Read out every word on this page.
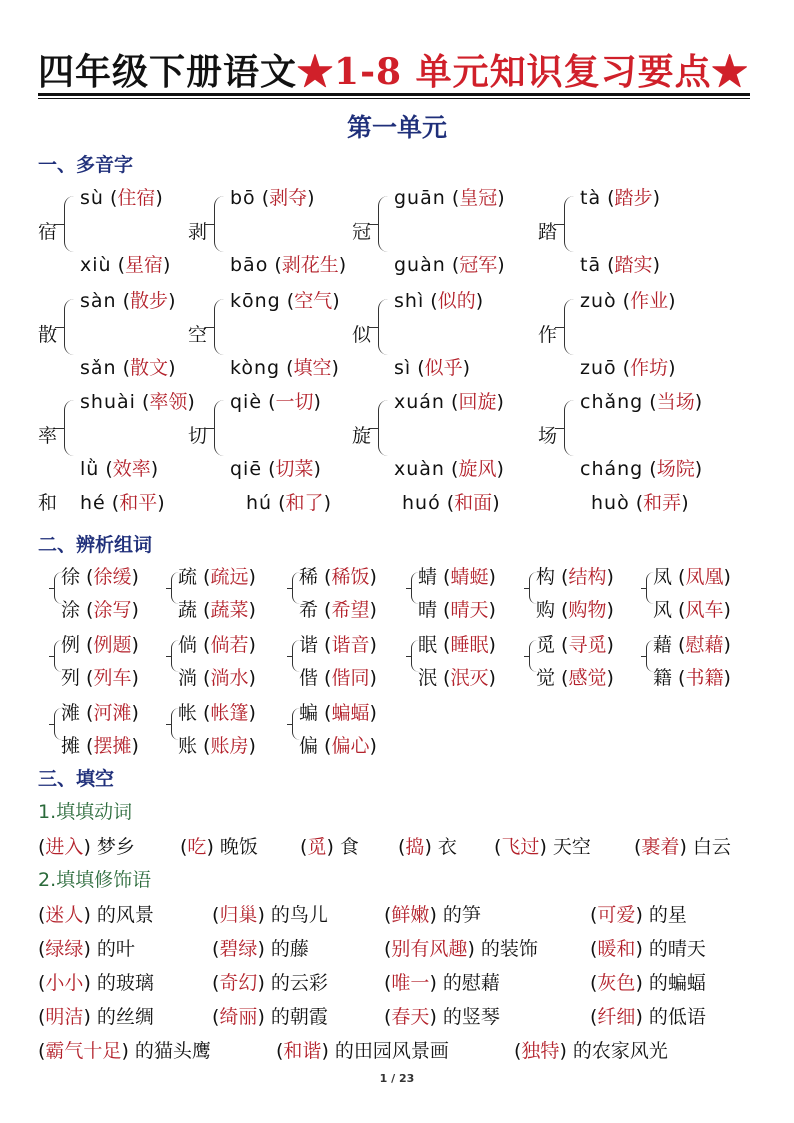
四年级下册语文★1-8 单元知识复习要点★
第一单元
一、多音字
宿
sù (住宿)
xiù (星宿)
剥
bō (剥夺)
bāo (剥花生)
冠
guān (皇冠)
guàn (冠军)
踏
tà (踏步)
tā (踏实)
散
sàn (散步)
sǎn (散文)
空
kōng (空气)
kòng (填空)
似
shì (似的)
sì (似乎)
作
zuò (作业)
zuō (作坊)
率
shuài (率领)
lǜ (效率)
切
qiè (一切)
qiē (切菜)
旋
xuán (回旋)
xuàn (旋风)
场
chǎng (当场)
cháng (场院)
和 hé (和平)	hú (和了)	huó (和面)	huò (和弄)
二、辨析组词
徐 (徐缓)
涂 (涂写)
疏 (疏远)
蔬 (蔬菜)
稀 (稀饭)
希 (希望)
蜻 (蜻蜓)
晴 (晴天)
构 (结构)
购 (购物)
凤 (凤凰)
风 (风车)
例 (例题)
列 (列车)
倘 (倘若)
淌 (淌水)
谐 (谐音)
偕 (偕同)
眠 (睡眠)
泯 (泯灭)
觅 (寻觅)
觉 (感觉)
藉 (慰藉)
籍 (书籍)
滩 (河滩)
摊 (摆摊)
帐 (帐篷)
账 (账房)
蝙 (蝙蝠)
偏 (偏心)
三、填空
1.填填动词
(进入) 梦乡 (吃) 晚饭 (觅) 食 (捣) 衣 (飞过) 天空 (裹着) 白云
2.填填修饰语
(迷人) 的风景	(归巢) 的鸟儿	(鲜嫩) 的笋	(可爱) 的星
(绿绿) 的叶	(碧绿) 的藤	(别有风趣) 的装饰	(暖和) 的晴天
(小小) 的玻璃	(奇幻) 的云彩	(唯一) 的慰藉	(灰色) 的蝙蝠
(明洁) 的丝绸	(绮丽) 的朝霞	(春天) 的竖琴	(纤细) 的低语
(霸气十足) 的猫头鹰	(和谐) 的田园风景画	(独特) 的农家风光
1 / 23
